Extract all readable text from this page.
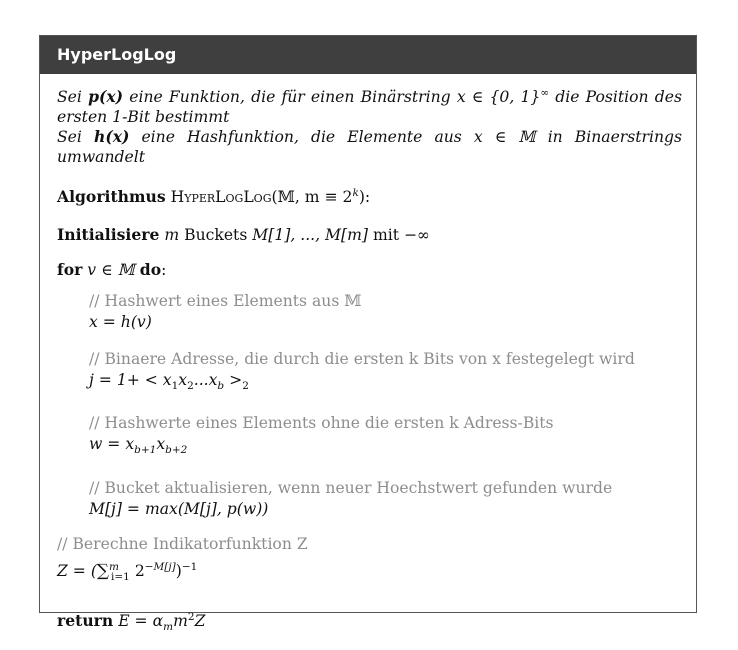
HyperLogLog

Sei p(x) eine Funktion, die für einen Binärstring x ∈ {0, 1}∞ die Position des ersten 1-Bit bestimmt

Sei h(x) eine Hashfunktion, die Elemente aus x ∈ 𝕄 in Binaerstrings umwandelt

Algorithmus HyperLogLog(𝕄, $m \equiv 2^k$):
Initialisiere m Buckets M[1], ..., M[m] mit −∞
for v ∈ 𝕄 do:
// Hashwert eines Elements aus 𝕄
x = h(v)
// Binaere Adresse, die durch die ersten k Bits von x festegelegt wird
$j = 1+ < x_1x_2...x_b >_2$
// Hashwerte eines Elements ohne die ersten k Adress-Bits
$w = x_{b+1}x_{b+2}$
// Bucket aktualisieren, wenn neuer Hoechstwert gefunden wurde
M[j] = max(M[j], p(w))
// Berechne Indikatorfunktion Z
Z = (∑$^m_{i=1}$ $2^{-M[j]})^{-1}$
return $E = \alpha_mm^2Z$
